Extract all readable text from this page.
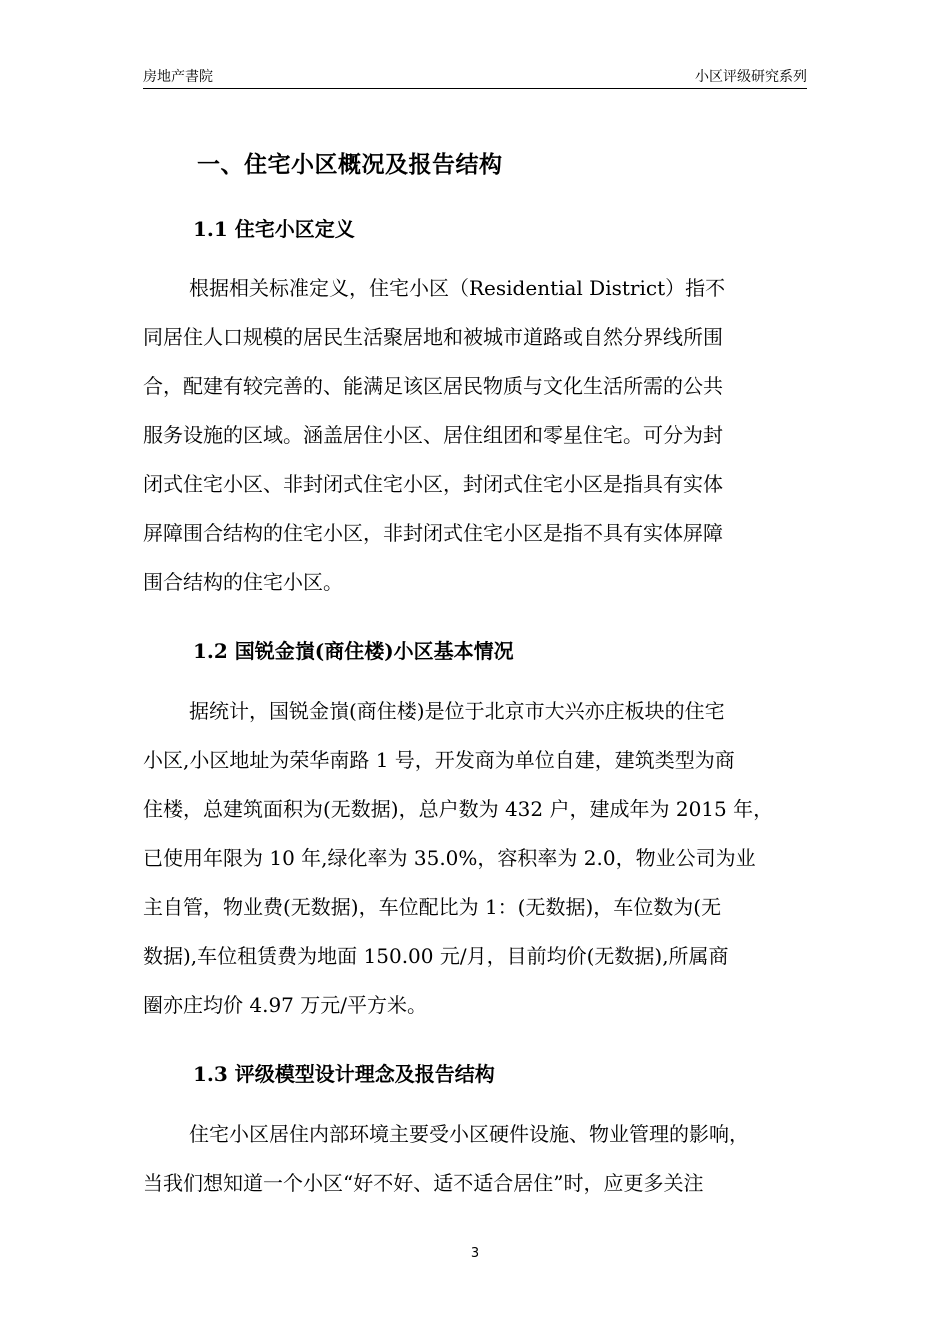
房地产書院	小区评级研究系列
一、住宅小区概况及报告结构
1.1 住宅小区定义
根据相关标准定义，住宅小区（Residential District）指不
同居住人口规模的居民生活聚居地和被城市道路或自然分界线所围
合，配建有较完善的、能满足该区居民物质与文化生活所需的公共
服务设施的区域。涵盖居住小区、居住组团和零星住宅。可分为封
闭式住宅小区、非封闭式住宅小区，封闭式住宅小区是指具有实体
屏障围合结构的住宅小区，非封闭式住宅小区是指不具有实体屏障
围合结构的住宅小区。
1.2 国锐金嵿(商住楼)小区基本情况
据统计，国锐金嵿(商住楼)是位于北京市大兴亦庄板块的住宅
小区,小区地址为荣华南路 1 号，开发商为单位自建，建筑类型为商
住楼，总建筑面积为(无数据)，总户数为 432 户，建成年为 2015 年，
已使用年限为 10 年,绿化率为 35.0%，容积率为 2.0，物业公司为业
主自管，物业费(无数据)，车位配比为 1：(无数据)，车位数为(无
数据),车位租赁费为地面 150.00 元/月，目前均价(无数据),所属商
圈亦庄均价 4.97 万元/平方米。
1.3 评级模型设计理念及报告结构
住宅小区居住内部环境主要受小区硬件设施、物业管理的影响，
当我们想知道一个小区“好不好、适不适合居住”时，应更多关注
3
